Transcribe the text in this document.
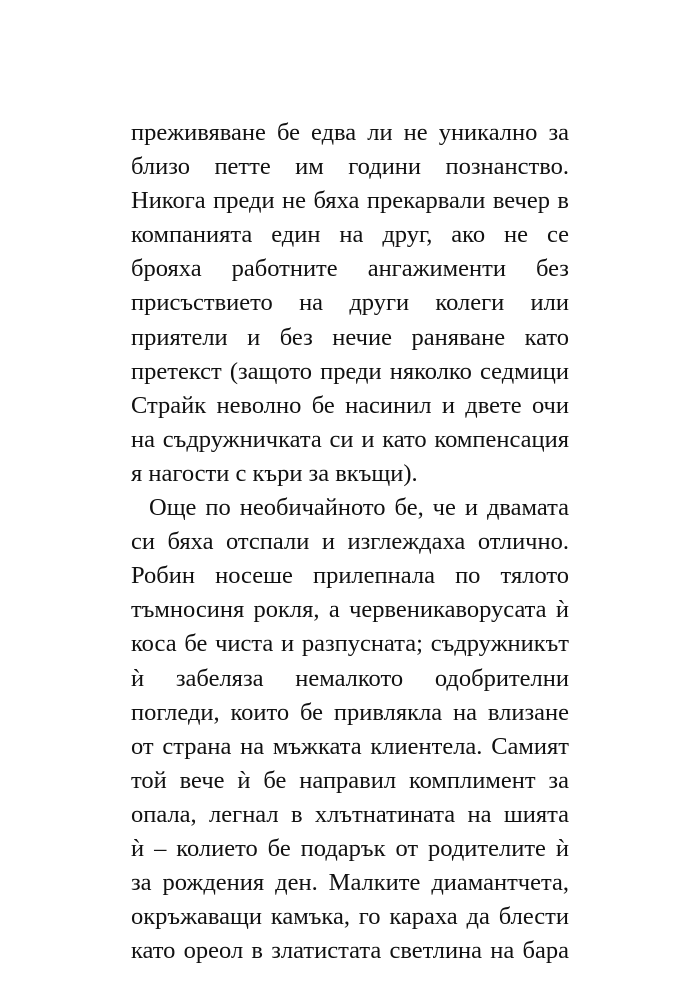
преживяване бе едва ли не уникално за
близо петте им години познанство.
Никога преди не бяха прекарвали вечер в
компанията един на друг, ако не се
брояха работните ангажименти без
присъствието на други колеги или
приятели и без нечие раняване като
претекст (защото преди няколко седмици
Страйк неволно бе насинил и двете очи
на съдружничката си и като компенсация
я нагости с къри за вкъщи).
Още по необичайното бе, че и двамата
си бяха отспали и изглеждаха отлично.
Робин носеше прилепнала по тялото
тъмносиня рокля, а червеникаворусата ѝ
коса бе чиста и разпусната; съдружникът
ѝ забеляза немалкото одобрителни
погледи, които бе привлякла на влизане
от страна на мъжката клиентела. Самият
той вече ѝ бе направил комплимент за
опала, легнал в хлътнатината на шията
ѝ – колието бе подарък от родителите ѝ
за рождения ден. Малките диамантчета,
окръжаващи камъка, го караха да блести
като ореол в златистата светлина на бара
